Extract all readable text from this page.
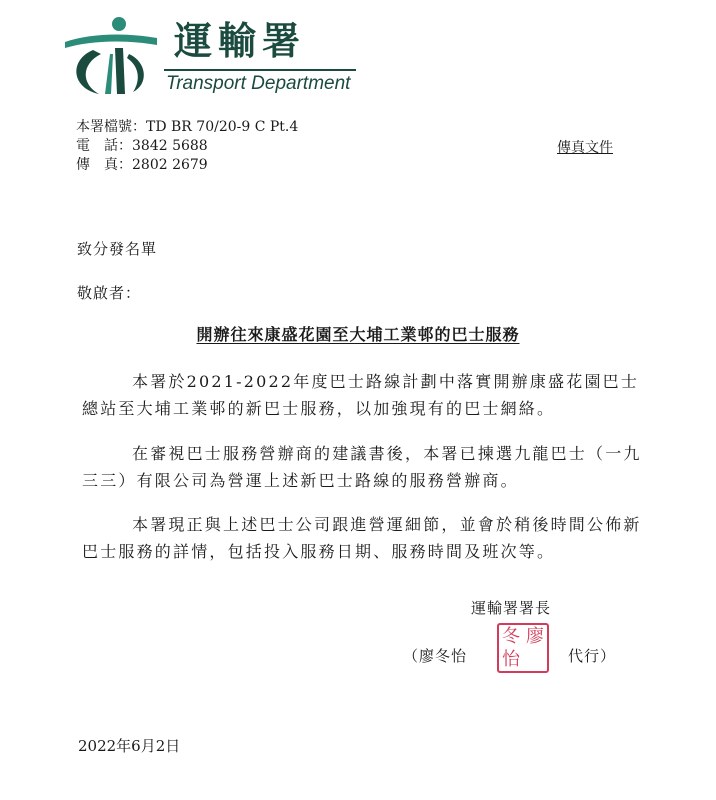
運輸署
Transport Department
本署檔號：TD BR 70/20-9 C Pt.4
電　話：3842 5688
傳　真：2802 2679
傳真文件
致分發名單
敬啟者：
開辦往來康盛花園至大埔工業邨的巴士服務

本署於2021-2022年度巴士路線計劃中落實開辦康盛花園巴士總站至大埔工業邨的新巴士服務，以加強現有的巴士網絡。

在審視巴士服務營辦商的建議書後，本署已揀選九龍巴士（一九三三）有限公司為營運上述新巴士路線的服務營辦商。

本署現正與上述巴士公司跟進營運細節，並會於稍後時間公佈新巴士服務的詳情，包括投入服務日期、服務時間及班次等。

運輸署署長
（廖冬怡
冬 廖
怡	代行）
2022年6月2日
